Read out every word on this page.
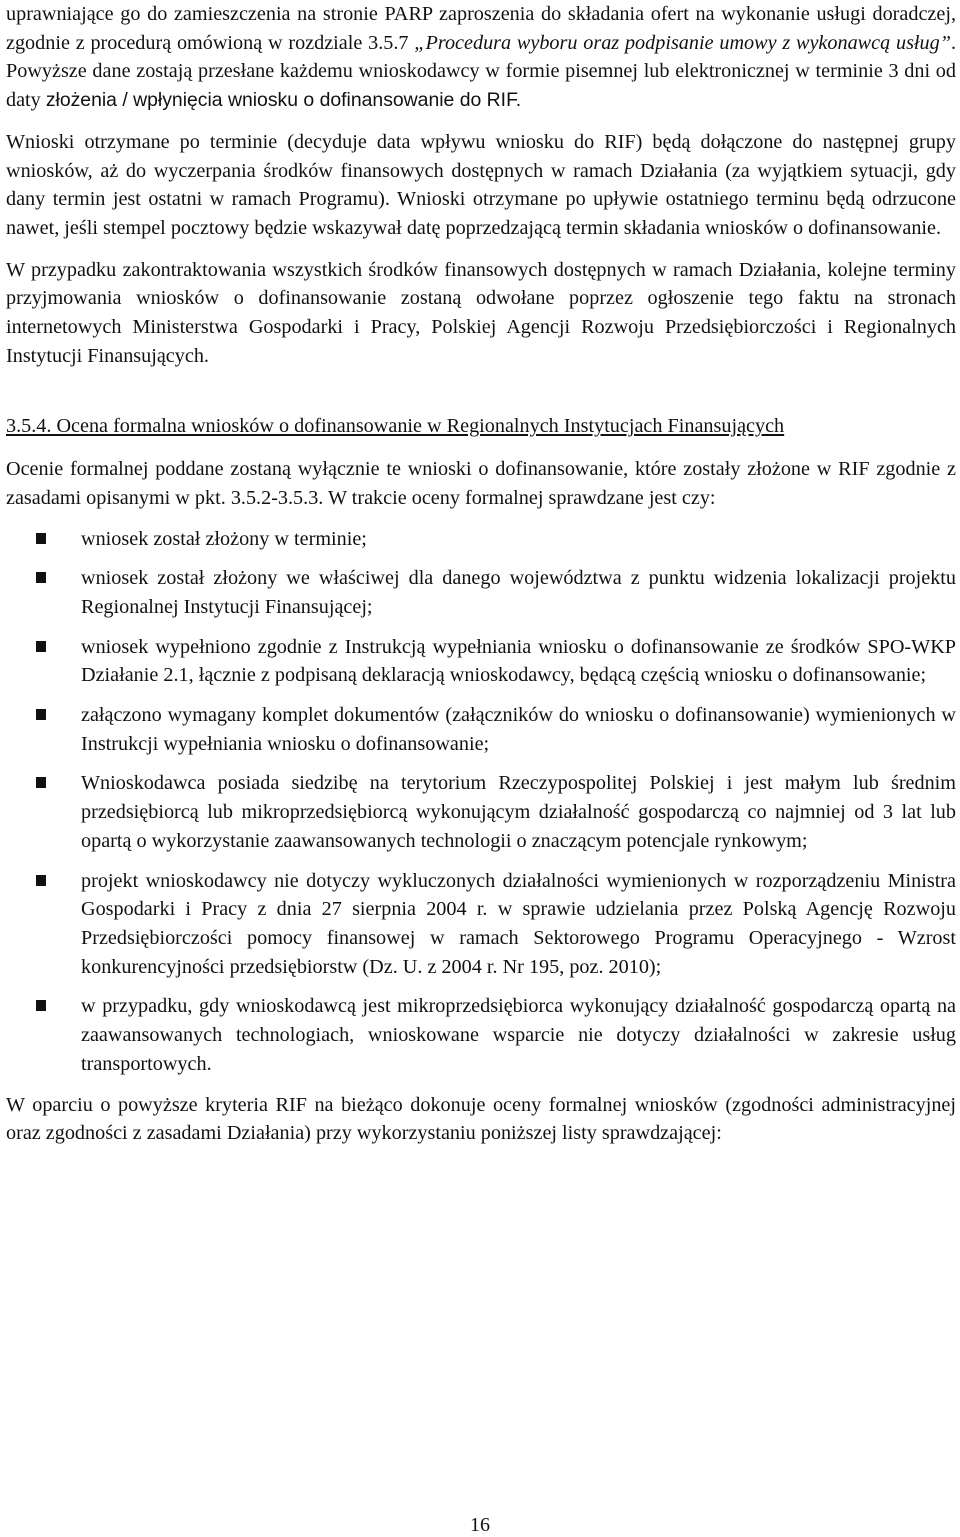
uprawniające go do zamieszczenia na stronie PARP zaproszenia do składania ofert na wykonanie usługi doradczej, zgodnie z procedurą omówioną w rozdziale 3.5.7 „Procedura wyboru oraz podpisanie umowy z wykonawcą usług”. Powyższe dane zostają przesłane każdemu wnioskodawcy w formie pisemnej lub elektronicznej w terminie 3 dni od daty złożenia / wpłynięcia wniosku o dofinansowanie do RIF.

Wnioski otrzymane po terminie (decyduje data wpływu wniosku do RIF) będą dołączone do następnej grupy wniosków, aż do wyczerpania środków finansowych dostępnych w ramach Działania (za wyjątkiem sytuacji, gdy dany termin jest ostatni w ramach Programu). Wnioski otrzymane po upływie ostatniego terminu będą odrzucone nawet, jeśli stempel pocztowy będzie wskazywał datę poprzedzającą termin składania wniosków o dofinansowanie.

W przypadku zakontraktowania wszystkich środków finansowych dostępnych w ramach Działania, kolejne terminy przyjmowania wniosków o dofinansowanie zostaną odwołane poprzez ogłoszenie tego faktu na stronach internetowych Ministerstwa Gospodarki i Pracy, Polskiej Agencji Rozwoju Przedsiębiorczości i Regionalnych Instytucji Finansujących.

3.5.4. Ocena formalna wniosków o dofinansowanie w Regionalnych Instytucjach Finansujących

Ocenie formalnej poddane zostaną wyłącznie te wnioski o dofinansowanie, które zostały złożone w RIF zgodnie z zasadami opisanymi w pkt. 3.5.2-3.5.3. W trakcie oceny formalnej sprawdzane jest czy:

wniosek został złożony w terminie;
wniosek został złożony we właściwej dla danego województwa z punktu widzenia lokalizacji projektu Regionalnej Instytucji Finansującej;
wniosek wypełniono zgodnie z Instrukcją wypełniania wniosku o dofinansowanie ze środków SPO-WKP Działanie 2.1, łącznie z podpisaną deklaracją wnioskodawcy, będącą częścią wniosku o dofinansowanie;
załączono wymagany komplet dokumentów (załączników do wniosku o dofinansowanie) wymienionych w Instrukcji wypełniania wniosku o dofinansowanie;
Wnioskodawca posiada siedzibę na terytorium Rzeczypospolitej Polskiej i jest małym lub średnim przedsiębiorcą lub mikroprzedsiębiorcą wykonującym działalność gospodarczą co najmniej od 3 lat lub opartą o wykorzystanie zaawansowanych technologii o znaczącym potencjale rynkowym;
projekt wnioskodawcy nie dotyczy wykluczonych działalności wymienionych w rozporządzeniu Ministra Gospodarki i Pracy z dnia 27 sierpnia 2004 r. w sprawie udzielania przez Polską Agencję Rozwoju Przedsiębiorczości pomocy finansowej w ramach Sektorowego Programu Operacyjnego - Wzrost konkurencyjności przedsiębiorstw (Dz. U. z 2004 r. Nr 195, poz. 2010);
w przypadku, gdy wnioskodawcą jest mikroprzedsiębiorca wykonujący działalność gospodarczą opartą na zaawansowanych technologiach, wnioskowane wsparcie nie dotyczy działalności w zakresie usług transportowych.

W oparciu o powyższe kryteria RIF na bieżąco dokonuje oceny formalnej wniosków (zgodności administracyjnej oraz zgodności z zasadami Działania) przy wykorzystaniu poniższej listy sprawdzającej:

16
